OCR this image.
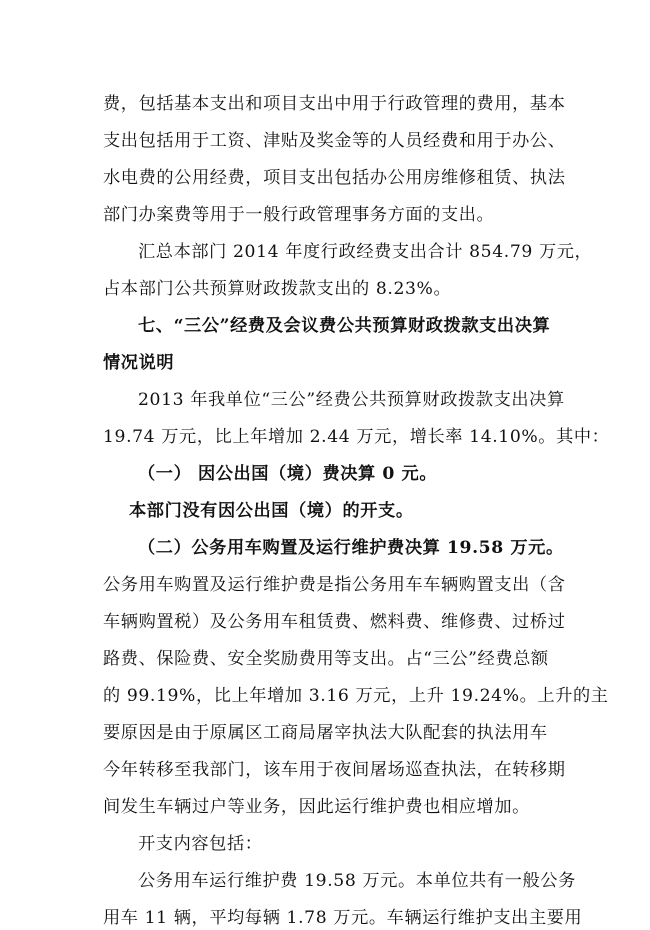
费，包括基本支出和项目支出中用于行政管理的费用，基本
支出包括用于工资、津贴及奖金等的人员经费和用于办公、
水电费的公用经费，项目支出包括办公用房维修租赁、执法
部门办案费等用于一般行政管理事务方面的支出。
汇总本部门 2014 年度行政经费支出合计 854.79 万元，
占本部门公共预算财政拨款支出的 8.23%。
七、“三公”经费及会议费公共预算财政拨款支出决算
情况说明
2013 年我单位“三公”经费公共预算财政拨款支出决算
19.74 万元，比上年增加 2.44 万元，增长率 14.10%。其中：
（一） 因公出国（境）费决算 0 元。
本部门没有因公出国（境）的开支。
（二）公务用车购置及运行维护费决算 19.58 万元。
公务用车购置及运行维护费是指公务用车车辆购置支出（含
车辆购置税）及公务用车租赁费、燃料费、维修费、过桥过
路费、保险费、安全奖励费用等支出。占“三公”经费总额
的 99.19%，比上年增加 3.16 万元，上升 19.24%。上升的主
要原因是由于原属区工商局屠宰执法大队配套的执法用车
今年转移至我部门，该车用于夜间屠场巡查执法，在转移期
间发生车辆过户等业务，因此运行维护费也相应增加。
开支内容包括：
公务用车运行维护费 19.58 万元。本单位共有一般公务
用车 11 辆，平均每辆 1.78 万元。车辆运行维护支出主要用
